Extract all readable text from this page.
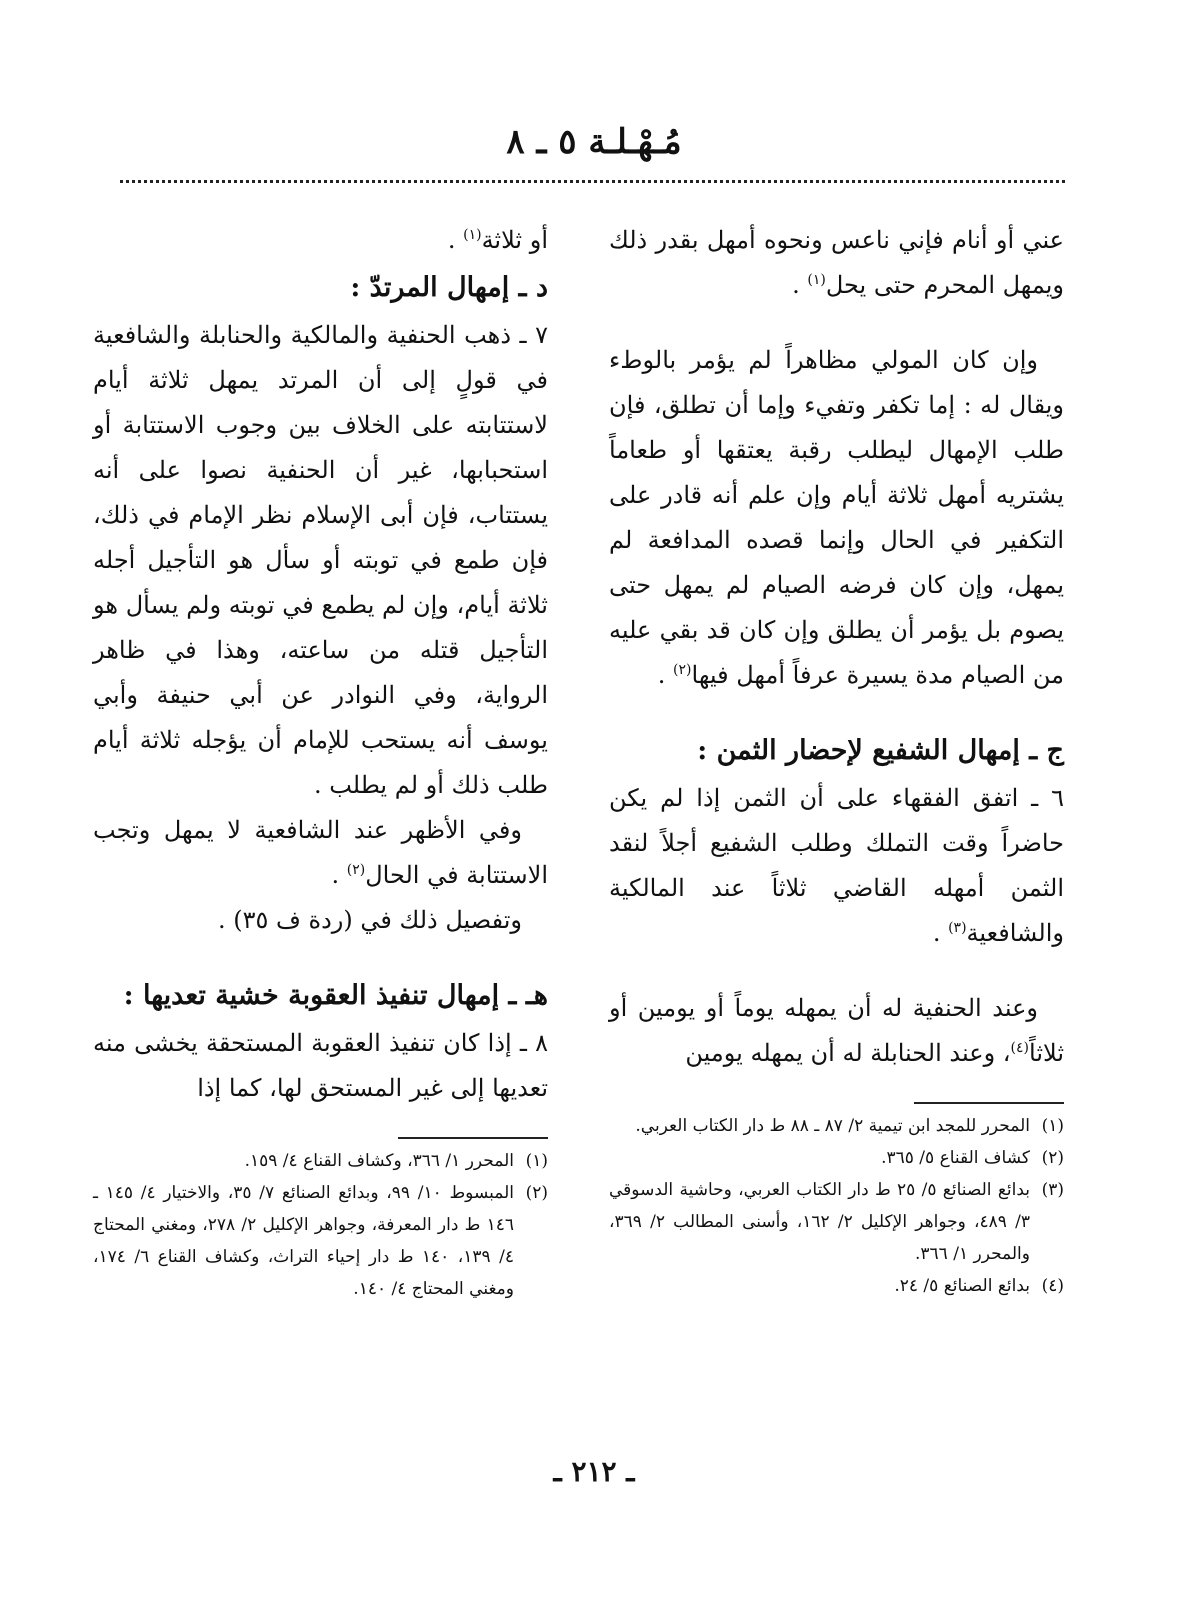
مُـهْـلـة ٥ ـ ٨

عني أو أنام فإني ناعس ونحوه أمهل بقدر ذلك ويمهل المحرم حتى يحل$^{(١)}$ .

وإن كان المولي مظاهراً لم يؤمر بالوطء ويقال له : إما تكفر وتفيء وإما أن تطلق، فإن طلب الإمهال ليطلب رقبة يعتقها أو طعاماً يشتريه أمهل ثلاثة أيام وإن علم أنه قادر على التكفير في الحال وإنما قصده المدافعة لم يمهل، وإن كان فرضه الصيام لم يمهل حتى يصوم بل يؤمر أن يطلق وإن كان قد بقي عليه من الصيام مدة يسيرة عرفاً أمهل فيها$^{(٢)}$ .

ج ـ إمهال الشفيع لإحضار الثمن :

٦ ـ اتفق الفقهاء على أن الثمن إذا لم يكن حاضراً وقت التملك وطلب الشفيع أجلاً لنقد الثمن أمهله القاضي ثلاثاً عند المالكية والشافعية$^{(٣)}$ .

وعند الحنفية له أن يمهله يوماً أو يومين أو ثلاثاً$^{(٤)}$، وعند الحنابلة له أن يمهله يومين

(١)
المحرر للمجد ابن تيمية ٢/ ٨٧ ـ ٨٨ ط دار الكتاب العربي.
(٢)
كشاف القناع ٥/ ٣٦٥.
(٣)
بدائع الصنائع ٥/ ٢٥ ط دار الكتاب العربي، وحاشية الدسوقي ٣/ ٤٨٩، وجواهر الإكليل ٢/ ١٦٢، وأسنى المطالب ٢/ ٣٦٩، والمحرر ١/ ٣٦٦.
(٤)
بدائع الصنائع ٥/ ٢٤.

أو ثلاثة$^{(١)}$ .

د ـ إمهال المرتدّ :

٧ ـ ذهب الحنفية والمالكية والحنابلة والشافعية في قولٍ إلى أن المرتد يمهل ثلاثة أيام لاستتابته على الخلاف بين وجوب الاستتابة أو استحبابها، غير أن الحنفية نصوا على أنه يستتاب، فإن أبى الإسلام نظر الإمام في ذلك، فإن طمع في توبته أو سأل هو التأجيل أجله ثلاثة أيام، وإن لم يطمع في توبته ولم يسأل هو التأجيل قتله من ساعته، وهذا في ظاهر الرواية، وفي النوادر عن أبي حنيفة وأبي يوسف أنه يستحب للإمام أن يؤجله ثلاثة أيام طلب ذلك أو لم يطلب .

وفي الأظهر عند الشافعية لا يمهل وتجب الاستتابة في الحال$^{(٢)}$ .

وتفصيل ذلك في (ردة ف ٣٥) .

هـ ـ إمهال تنفيذ العقوبة خشية تعديها :

٨ ـ إذا كان تنفيذ العقوبة المستحقة يخشى منه تعديها إلى غير المستحق لها، كما إذا

(١)
المحرر ١/ ٣٦٦، وكشاف القناع ٤/ ١٥٩.
(٢)
المبسوط ١٠/ ٩٩، وبدائع الصنائع ٧/ ٣٥، والاختيار ٤/ ١٤٥ ـ ١٤٦ ط دار المعرفة، وجواهر الإكليل ٢/ ٢٧٨، ومغني المحتاج ٤/ ١٣٩، ١٤٠ ط دار إحياء التراث، وكشاف القناع ٦/ ١٧٤، ومغني المحتاج ٤/ ١٤٠.
ـ ٢١٢ ـ
